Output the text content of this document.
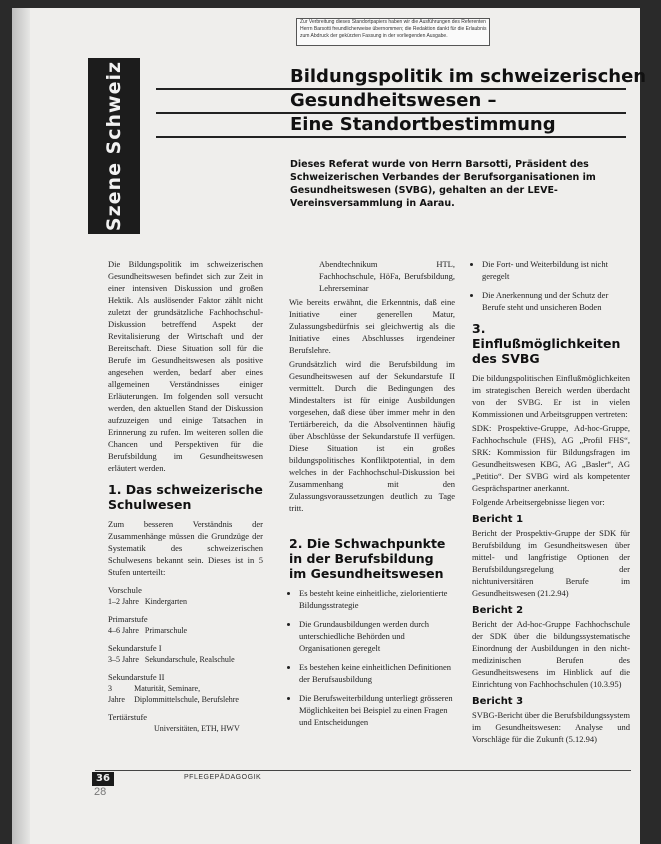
Zur Verbreitung dieses Standortpapiers haben wir die Ausführungen des Referenten
Herrn Barsotti freundlicherweise übernommen; die Redaktion dankt für die Erlaubnis
zum Abdruck der gekürzten Fassung in der vorliegenden Ausgabe.
Szene Schweiz	Bildungspolitik im schweizerischen
Gesundheitswesen –
Eine Standortbestimmung
Dieses Referat wurde von Herrn Barsotti, Präsident des Schweizerischen Verbandes der Berufsorganisationen im Gesundheitswesen (SVBG), gehalten an der LEVE-Vereinsversammlung in Aarau.

Die Bildungspolitik im schweizerischen Gesundheitswesen befindet sich zur Zeit in einer intensiven Diskussion und großen Hektik. Als auslösender Faktor zählt nicht zuletzt der grundsätzliche Fachhochschul-Diskussion betreffend Aspekt der Revitalisierung der Wirtschaft und der Bereitschaft. Diese Situation soll für die Berufe im Gesundheitswesen als positive angesehen werden, bedarf aber eines allgemeinen Verständnisses einiger Erläuterungen. Im folgenden soll versucht werden, den aktuellen Stand der Diskussion aufzuzeigen und einige Tatsachen in Erinnerung zu rufen. Im weiteren sollen die Chancen und Perspektiven für die Berufsbildung im Gesundheitswesen erläutert werden.

1. Das schweizerische Schulwesen

Zum besseren Verständnis der Zusammenhänge müssen die Grundzüge der Systematik des schweizerischen Schulwesens bekannt sein. Dieses ist in 5 Stufen unterteilt:

Vorschule
1–2 Jahre	Kindergarten
Primarstufe
4–6 Jahre	Primarschule
Sekundarstufe I
3–5 Jahre	Sekundarschule, Realschule
Sekundarstufe II
3 Jahre	Maturität, Seminare, Diplommittelschule, Berufslehre
Tertiärstufe
	Universitäten, ETH, HWV

Abendtechnikum HTL, Fachhochschule, HöFa, Berufsbildung, Lehrerseminar

Wie bereits erwähnt, die Erkenntnis, daß eine Initiative einer generellen Matur, Zulassungsbedürfnis sei gleichwertig als die Initiative eines Abschlusses irgendeiner Berufslehre.

Grundsätzlich wird die Berufsbildung im Gesundheitswesen auf der Sekundarstufe II vermittelt. Durch die Bedingungen des Mindestalters ist für einige Ausbildungen vorgesehen, daß diese über immer mehr in den Tertiärbereich, da die Absolventinnen häufig über Abschlüsse der Sekundarstufe II verfügen. Diese Situation ist ein großes bildungspolitisches Konfliktpotential, in dem welches in der Fachhochschul-Diskussion bei Zusammenhang mit den Zulassungsvoraussetzungen deutlich zu Tage tritt.

2. Die Schwachpunkte in der Berufsbildung im Gesundheitswesen
• Es besteht keine einheitliche, zielorientierte Bildungsstrategie
• Die Grundausbildungen werden durch unterschiedliche Behörden und Organisationen geregelt
• Es bestehen keine einheitlichen Definitionen der Berufsausbildung
• Die Berufsweiterbildung unterliegt grösseren Möglichkeiten bei Beispiel zu einen Fragen und Entscheidungen
• Die Fort- und Weiterbildung ist nicht geregelt
• Die Anerkennung und der Schutz der Berufe steht und unsicheren Boden
3. Einflußmöglichkeiten des SVBG

Die bildungspolitischen Einflußmöglichkeiten im strategischen Bereich werden überdacht von der SVBG. Er ist in vielen Kommissionen und Arbeitsgruppen vertreten:

SDK: Prospektive-Gruppe, Ad-hoc-Gruppe, Fachhochschule (FHS), AG „Profil FHS“, SRK: Kommission für Bildungsfragen im Gesundheitswesen KBG, AG „Basler“, AG „Petitio“. Der SVBG wird als kompetenter Gesprächspartner anerkannt.

Folgende Arbeitsergebnisse liegen vor:

Bericht 1

Bericht der Prospektiv-Gruppe der SDK für Berufsbildung im Gesundheitswesen über mittel- und langfristige Optionen der Berufsbildungsregelung der nichtuniversitären Berufe im Gesundheitswesen (21.2.94)

Bericht 2

Bericht der Ad-hoc-Gruppe Fachhochschule der SDK über die bildungssystematische Einordnung der Ausbildungen in den nicht-medizinischen Berufen des Gesundheitswesens im Hinblick auf die Einrichtung von Fachhochschulen (10.3.95)

Bericht 3

SVBG-Bericht über die Berufsbildungssystem im Gesundheitswesen: Analyse und Vorschläge für die Zukunft (5.12.94)

36
28
PFLEGEPÄDAGOGIK
